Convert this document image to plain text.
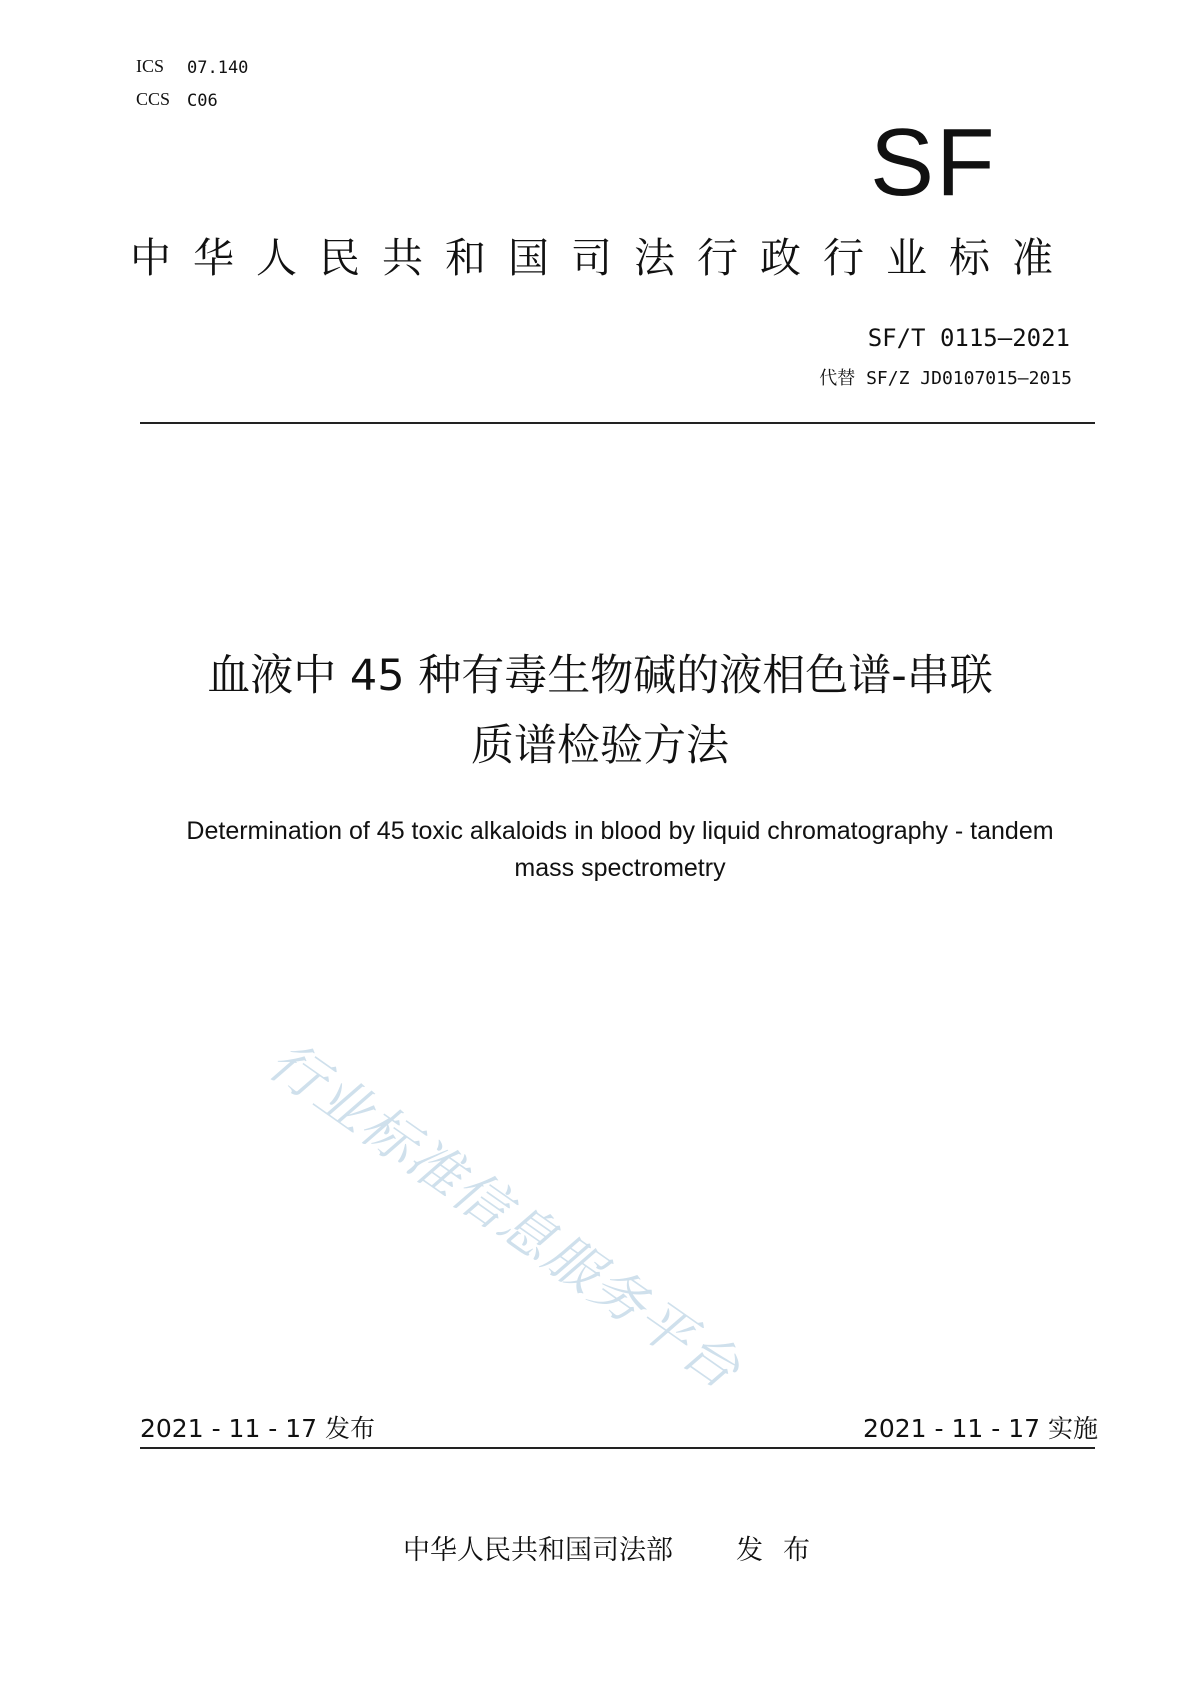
ICS 07.140
CCS C06
SF
中华人民共和国司法行政行业标准
SF/T 0115—2021
代替 SF/Z JD0107015—2015
血液中 45 种有毒生物碱的液相色谱-串联
质谱检验方法
Determination of 45 toxic alkaloids in blood by liquid chromatography - tandem
mass spectrometry
行业标准信息服务平台
2021 - 11 - 17 发布	2021 - 11 - 17 实施
中华人民共和国司法部 发布
